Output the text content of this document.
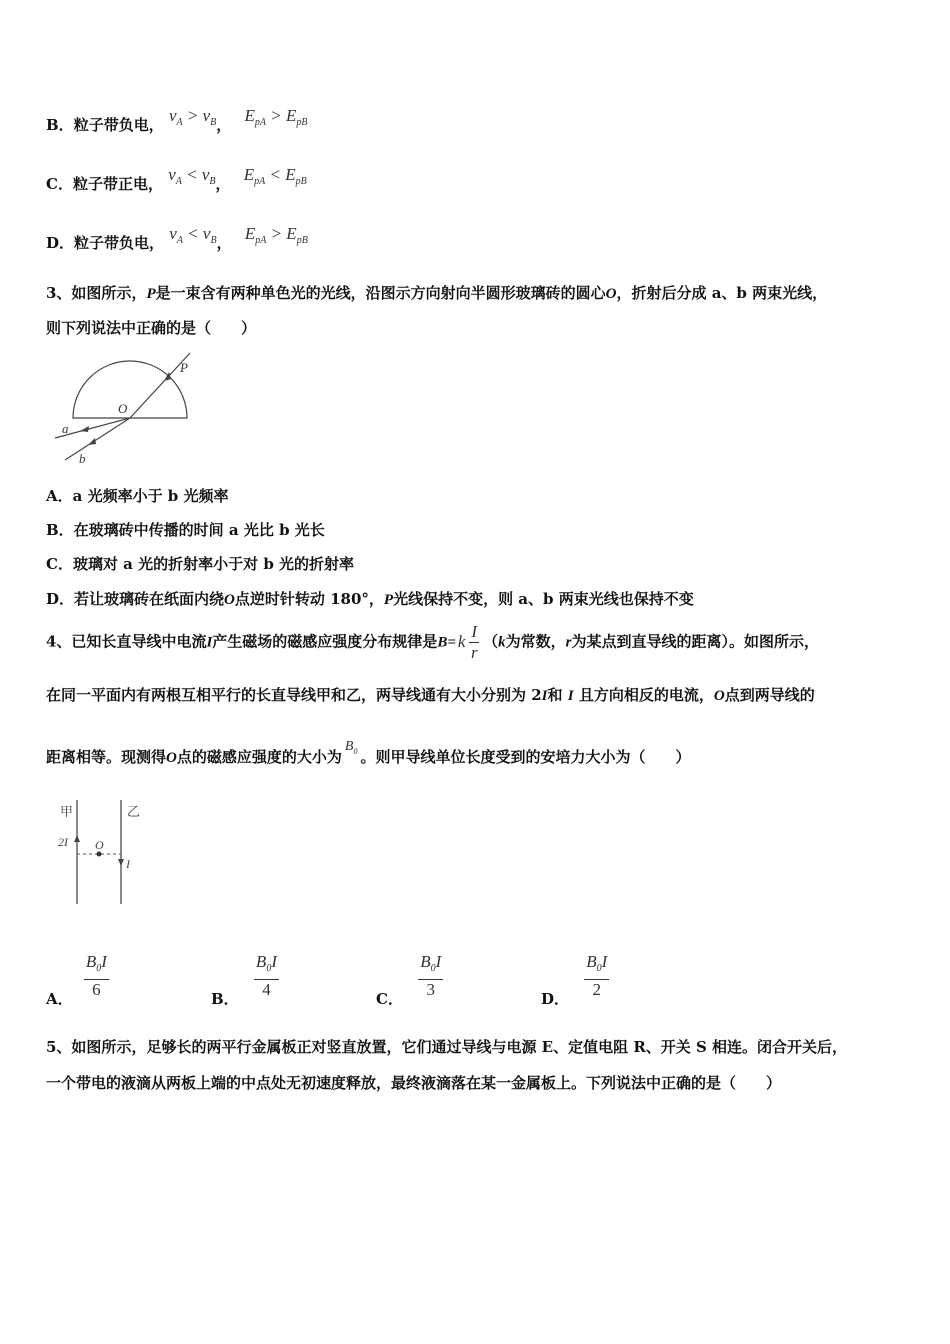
B．粒子带负电， $v_A > v_B$， $E_{pA} > E_{pB}$
C．粒子带正电， $v_A < v_B$， $E_{pA} < E_{pB}$
D．粒子带负电， $v_A < v_B$， $E_{pA} > E_{pB}$
3、如图所示，P是一束含有两种单色光的光线，沿图示方向射向半圆形玻璃砖的圆心O，折射后分成 a、b 两束光线，
则下列说法中正确的是（　　）
P
O
a
b
A．a 光频率小于 b 光频率
B．在玻璃砖中传播的时间 a 光比 b 光长
C．玻璃对 a 光的折射率小于对 b 光的折射率
D．若让玻璃砖在纸面内绕O点逆时针转动 180°，P光线保持不变，则 a、b 两束光线也保持不变
4、已知长直导线中电流I产生磁场的磁感应强度分布规律是B= k $\frac{I}{r} (k$为常数，r为某点到直导线的距离）。如图所示，
在同一平面内有两根互相平行的长直导线甲和乙，两导线通有大小分别为 2I和 I 且方向相反的电流，O点到两导线的
距离相等。现测得O点的磁感应强度的大小为$B_0$ 。则甲导线单位长度受到的安培力大小为（　　）
甲	乙
2I O
I
A． $\frac{B_0I}{6}$	B． $\frac{B_0I}{4}$	C． $\frac{B_0I}{3}$	D． $\frac{B_0I}{2}$
5、如图所示，足够长的两平行金属板正对竖直放置，它们通过导线与电源 E、定值电阻 R、开关 S 相连。闭合开关后，
一个带电的液滴从两板上端的中点处无初速度释放，最终液滴落在某一金属板上。下列说法中正确的是（　　）
